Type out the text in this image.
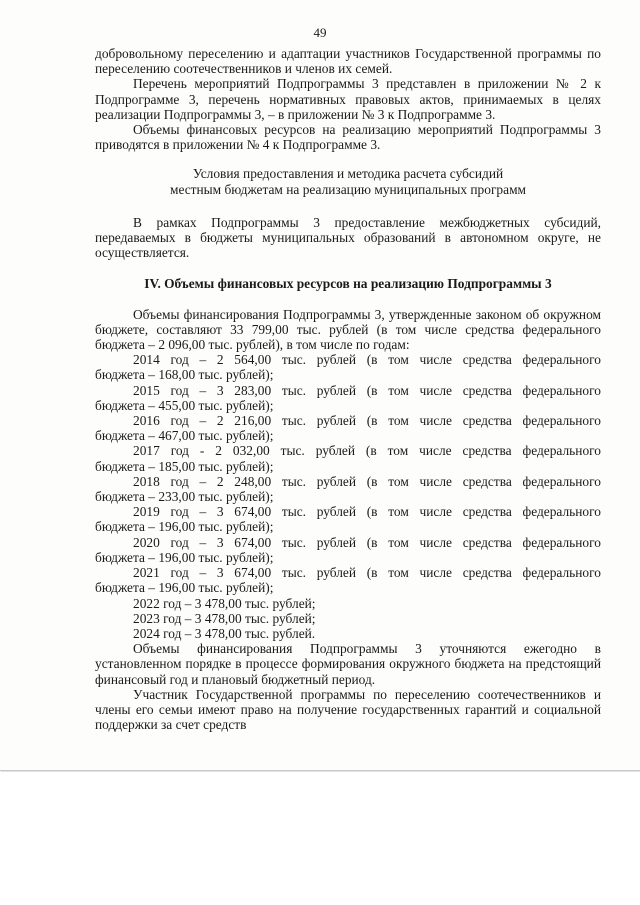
49

добровольному переселению и адаптации участников Государственной программы по переселению соотечественников и членов их семей.

Перечень мероприятий Подпрограммы 3 представлен в приложении № 2 к Подпрограмме 3, перечень нормативных правовых актов, принимаемых в целях реализации Подпрограммы 3, – в приложении № 3 к Подпрограмме 3.

Объемы финансовых ресурсов на реализацию мероприятий Подпрограммы 3 приводятся в приложении № 4 к Подпрограмме 3.

Условия предоставления и методика расчета субсидий

местным бюджетам на реализацию муниципальных программ

В рамках Подпрограммы 3 предоставление межбюджетных субсидий, передаваемых в бюджеты муниципальных образований в автономном округе, не осуществляется.

IV. Объемы финансовых ресурсов на реализацию Подпрограммы 3

Объемы финансирования Подпрограммы 3, утвержденные законом об окружном бюджете, составляют 33 799,00 тыс. рублей (в том числе средства федерального бюджета – 2 096,00 тыс. рублей), в том числе по годам:

2014 год – 2 564,00 тыс. рублей (в том числе средства федерального

бюджета – 168,00 тыс. рублей);

2015 год – 3 283,00 тыс. рублей (в том числе средства федерального

бюджета – 455,00 тыс. рублей);

2016 год – 2 216,00 тыс. рублей (в том числе средства федерального

бюджета – 467,00 тыс. рублей);

2017 год - 2 032,00 тыс. рублей (в том числе средства федерального

бюджета – 185,00 тыс. рублей);

2018 год – 2 248,00 тыс. рублей (в том числе средства федерального

бюджета – 233,00 тыс. рублей);

2019 год – 3 674,00 тыс. рублей (в том числе средства федерального

бюджета – 196,00 тыс. рублей);

2020 год – 3 674,00 тыс. рублей (в том числе средства федерального

бюджета – 196,00 тыс. рублей);

2021 год – 3 674,00 тыс. рублей (в том числе средства федерального

бюджета – 196,00 тыс. рублей);

2022 год – 3 478,00 тыс. рублей;

2023 год – 3 478,00 тыс. рублей;

2024 год – 3 478,00 тыс. рублей.

Объемы финансирования Подпрограммы 3 уточняются ежегодно в установленном порядке в процессе формирования окружного бюджета на предстоящий финансовый год и плановый бюджетный период.

Участник Государственной программы по переселению соотечественников и члены его семьи имеют право на получение государственных гарантий и социальной поддержки за счет средств
